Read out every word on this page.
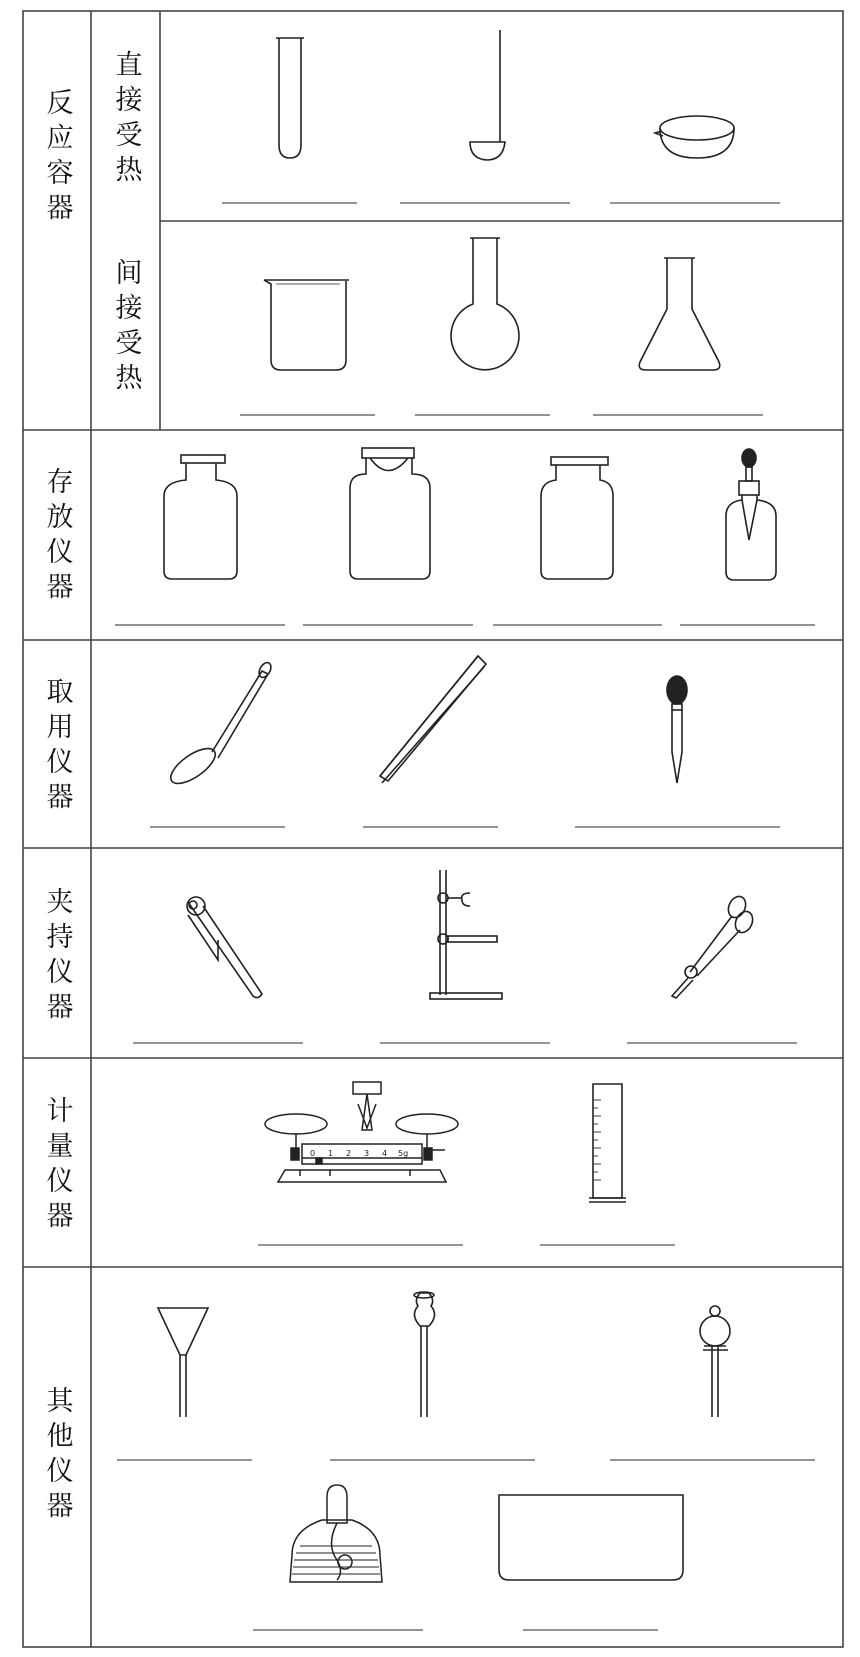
反应容器 直接受热
间接受热
存放仪器
取用仪器
夹持仪器
计量仪器
其他仪器
0 1 2 3 4 5g
